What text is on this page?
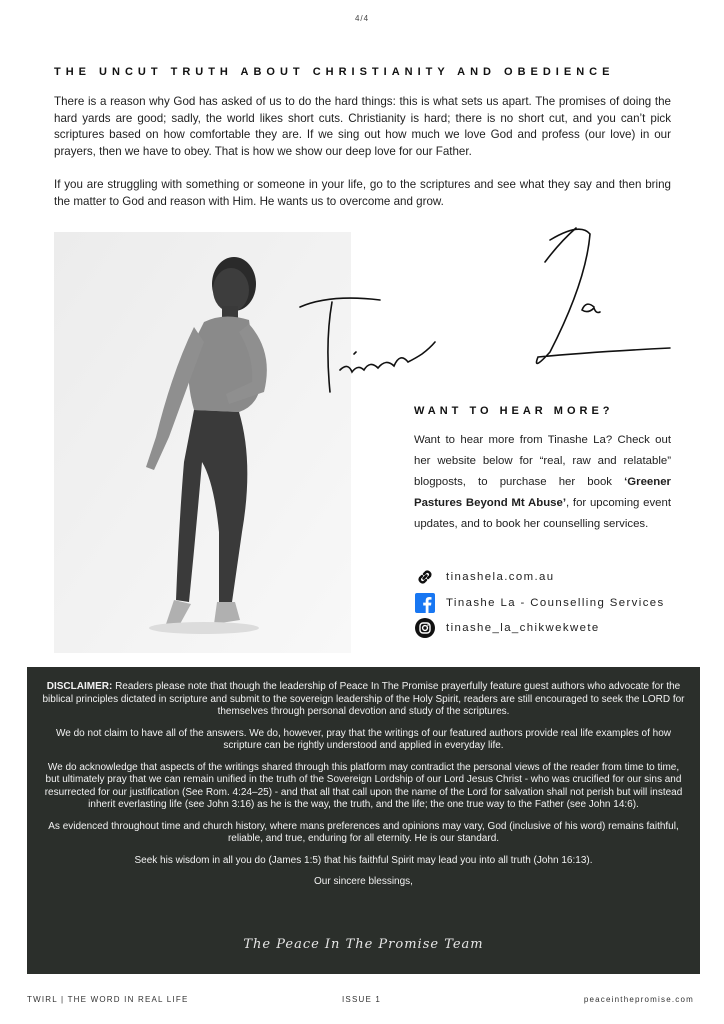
4/4
THE UNCUT TRUTH ABOUT CHRISTIANITY AND OBEDIENCE

There is a reason why God has asked of us to do the hard things: this is what sets us apart. The promises of doing the hard yards are good; sadly, the world likes short cuts. Christianity is hard; there is no short cut, and you can’t pick scriptures based on how comfortable they are. If we sing out how much we love God and profess (our love) in our prayers, then we have to obey. That is how we show our deep love for our Father.

If you are struggling with something or someone in your life, go to the scriptures and see what they say and then bring the matter to God and reason with Him. He wants us to overcome and grow.

WANT TO HEAR MORE?

Want to hear more from Tinashe La? Check out her website below for “real, raw and relatable” blogposts, to purchase her book ‘Greener Pastures Beyond Mt Abuse’, for upcoming event updates, and to book her counselling services.

tinashela.com.au
Tinashe La - Counselling Services
tinashe_la_chikwekwete

DISCLAIMER: Readers please note that though the leadership of Peace In The Promise prayerfully feature guest authors who advocate for the biblical principles dictated in scripture and submit to the sovereign leadership of the Holy Spirit, readers are still encouraged to seek the LORD for themselves through personal devotion and study of the scriptures.

We do not claim to have all of the answers. We do, however, pray that the writings of our featured authors provide real life examples of how scripture can be rightly understood and applied in everyday life.

We do acknowledge that aspects of the writings shared through this platform may contradict the personal views of the reader from time to time, but ultimately pray that we can remain unified in the truth of the Sovereign Lordship of our Lord Jesus Christ - who was crucified for our sins and resurrected for our justification (See Rom. 4:24–25) - and that all that call upon the name of the Lord for salvation shall not perish but will instead inherit everlasting life (see John 3:16) as he is the way, the truth, and the life; the one true way to the Father (see John 14:6).

As evidenced throughout time and church history, where mans preferences and opinions may vary, God (inclusive of his word) remains faithful, reliable, and true, enduring for all eternity. He is our standard.

Seek his wisdom in all you do (James 1:5) that his faithful Spirit may lead you into all truth (John 16:13).

Our sincere blessings,

The Peace In The Promise Team
TWIRL | THE WORD IN REAL LIFE	ISSUE 1	peaceinthepromise.com
